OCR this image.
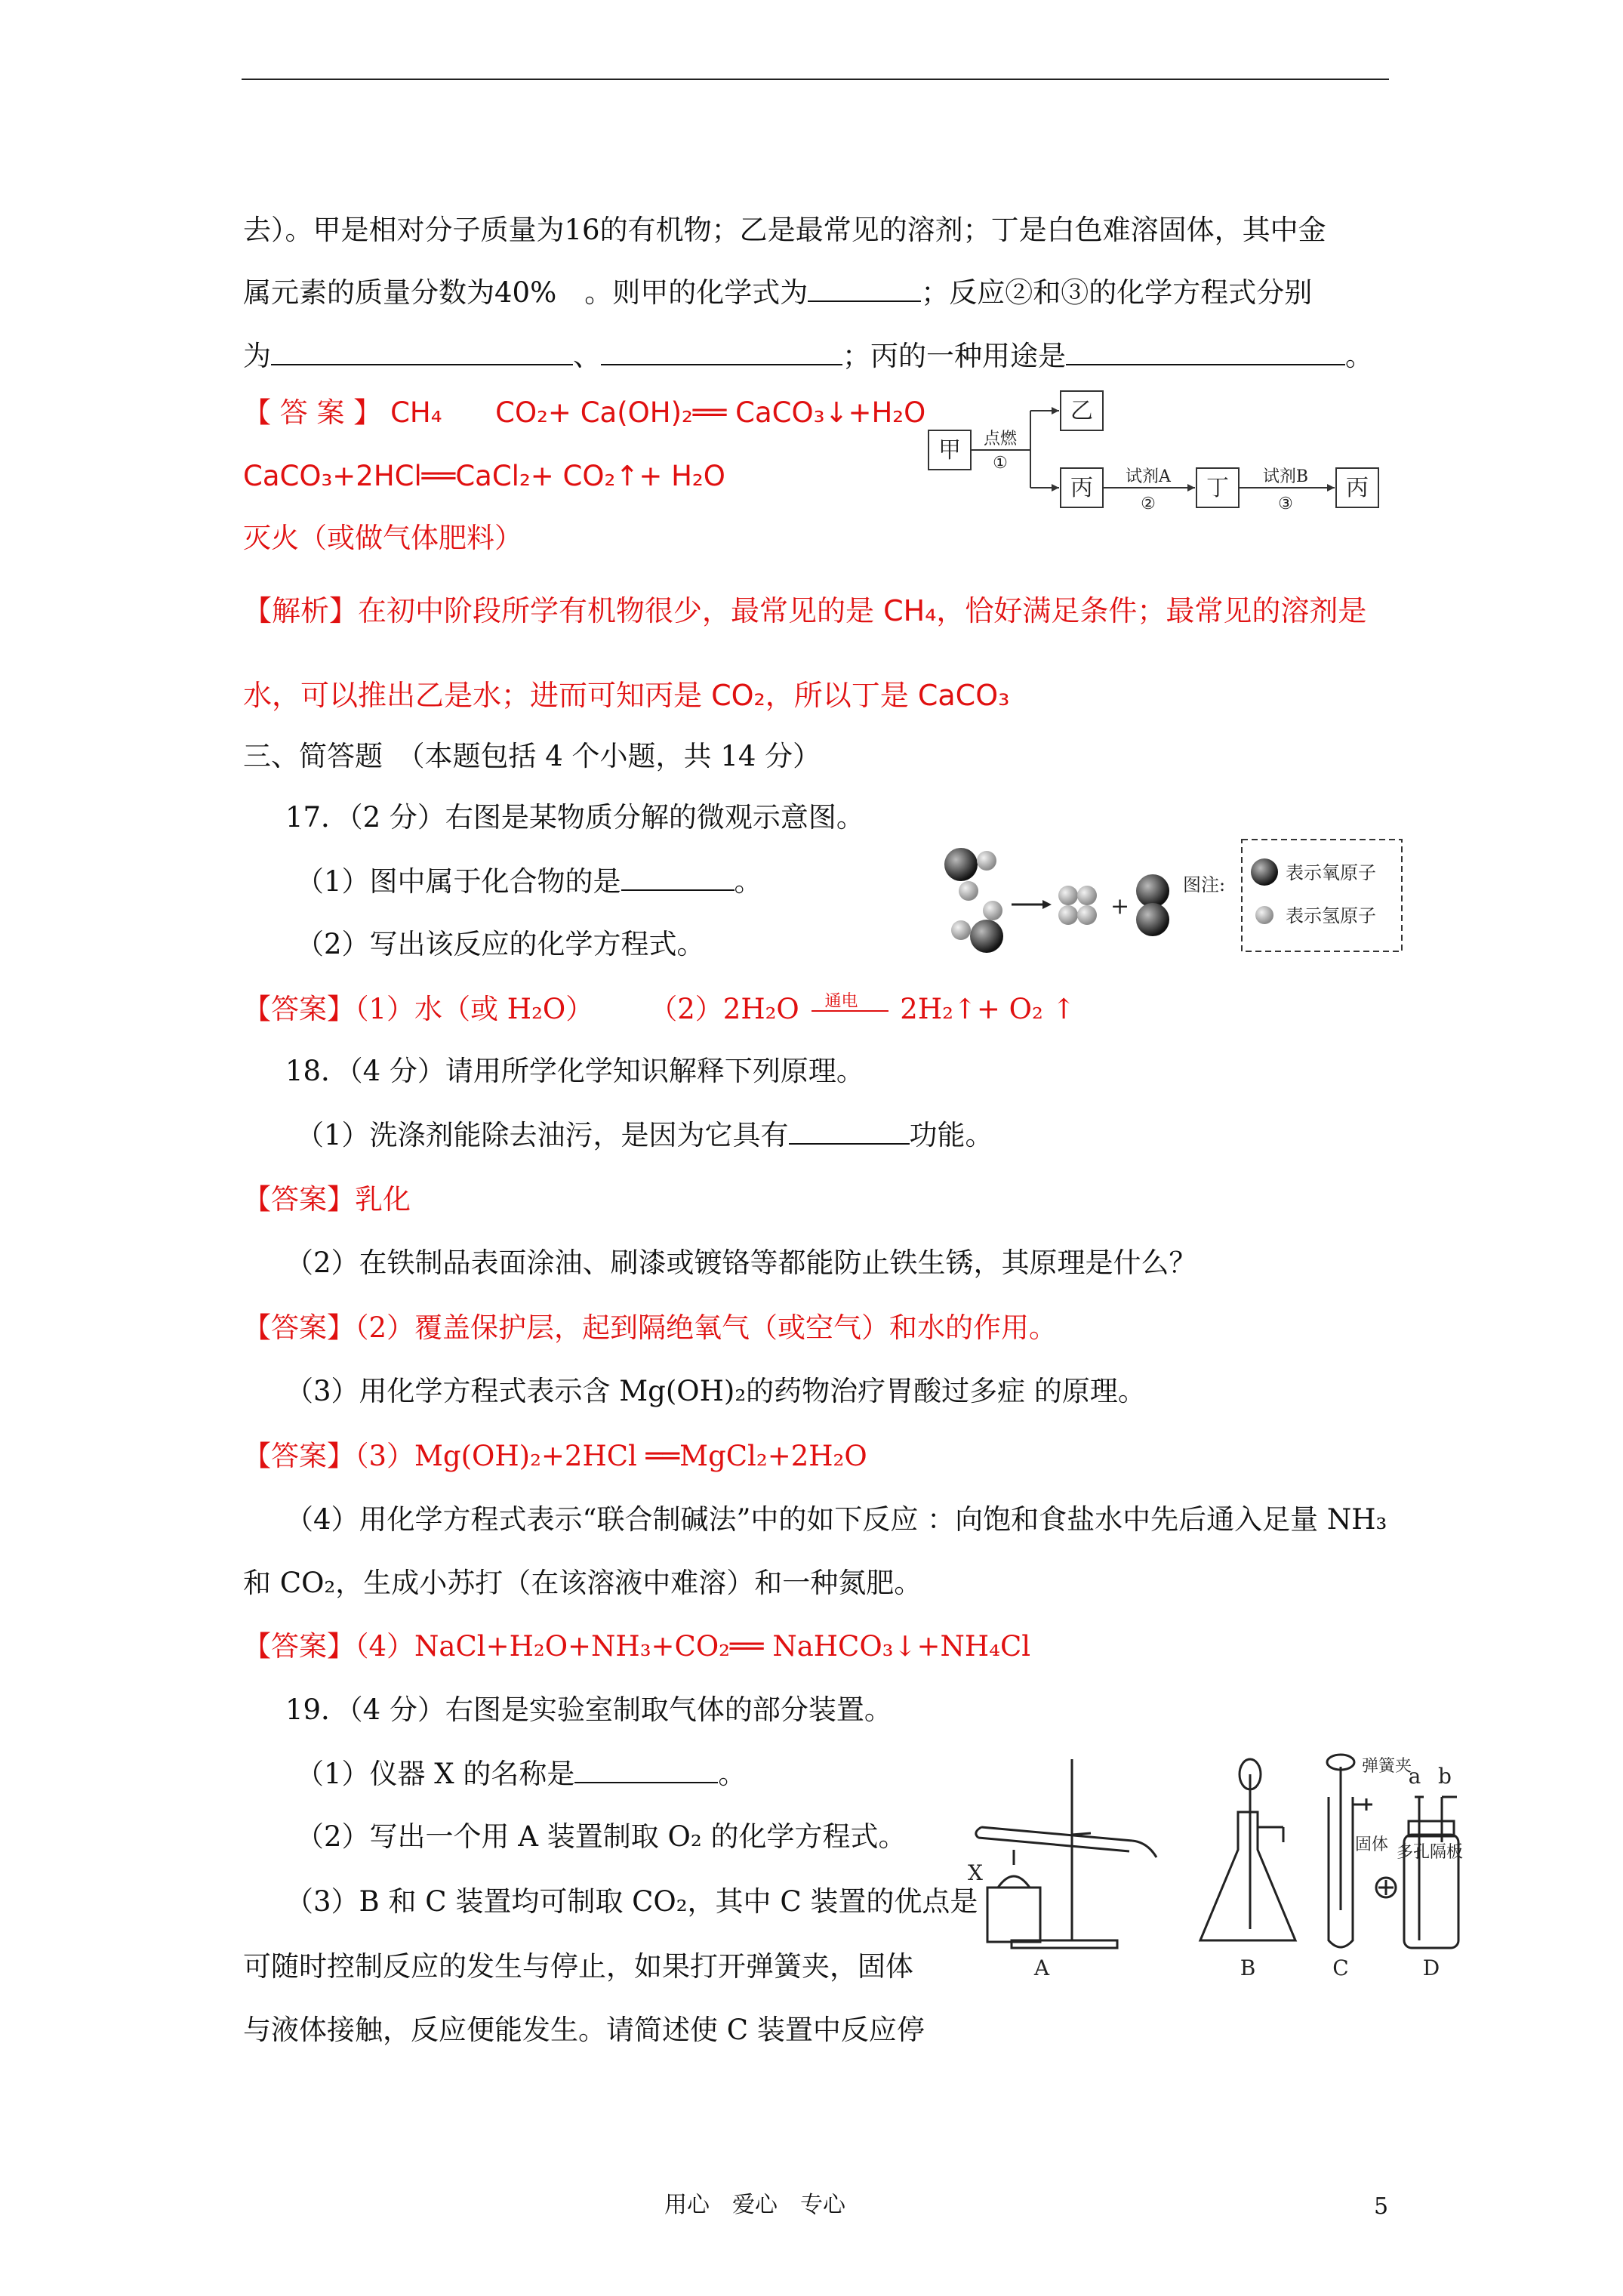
去）。甲是相对分子质量为16的有机物；乙是最常见的溶剂；丁是白色难溶固体，其中金
属元素的质量分数为40%　。则甲的化学式为	；反应②和③的化学方程式分别
为	、	；丙的一种用途是	。
【 答 案 】 CH₄ CO₂+ Ca(OH)₂══ CaCO₃↓+H₂O
CaCO₃+2HCl══CaCl₂+ CO₂↑+ H₂O
灭火（或做气体肥料）
甲
乙
丙	丁	丙
点燃
①
试剂A
②
试剂B
③
【解析】在初中阶段所学有机物很少，最常见的是 CH₄，恰好满足条件；最常见的溶剂是
水，可以推出乙是水；进而可知丙是 CO₂，所以丁是 CaCO₃
三、简答题　（本题包括 4 个小题，共 14 分）
17．（2 分）右图是某物质分解的微观示意图。
（1）图中属于化合物的是	。
（2）写出该反应的化学方程式。
【答案】（1）水（或 H₂O）　　　（2）2H₂O 通电 2H₂↑+ O₂ ↑
+
图注:
表示氧原子
表示氢原子
18．（4 分）请用所学化学知识解释下列原理。
（1）洗涤剂能除去油污，是因为它具有	功能。
【答案】乳化
（2）在铁制品表面涂油、刷漆或镀铬等都能防止铁生锈，其原理是什么？
【答案】（2）覆盖保护层，起到隔绝氧气（或空气）和水的作用。
（3）用化学方程式表示含 Mg(OH)₂的药物治疗胃酸过多症 的原理。
【答案】（3）Mg(OH)₂+2HCl ══MgCl₂+2H₂O
（4）用化学方程式表示“联合制碱法”中的如下反应 ：向饱和食盐水中先后通入足量 NH₃
和 CO₂，生成小苏打（在该溶液中难溶）和一种氮肥。
【答案】（4）NaCl+H₂O+NH₃+CO₂══ NaHCO₃↓+NH₄Cl
19．（4 分）右图是实验室制取气体的部分装置。
（1）仪器 X 的名称是	。
（2）写出一个用 A 装置制取 O₂ 的化学方程式。
（3）B 和 C 装置均可制取 CO₂，其中 C 装置的优点是
可随时控制反应的发生与停止，如果打开弹簧夹，固体
与液体接触，反应便能发生。请简述使 C 装置中反应停
X
A	B	C	D
a b
弹簧夹
固体 多孔隔板
用心　爱心　专心	5
